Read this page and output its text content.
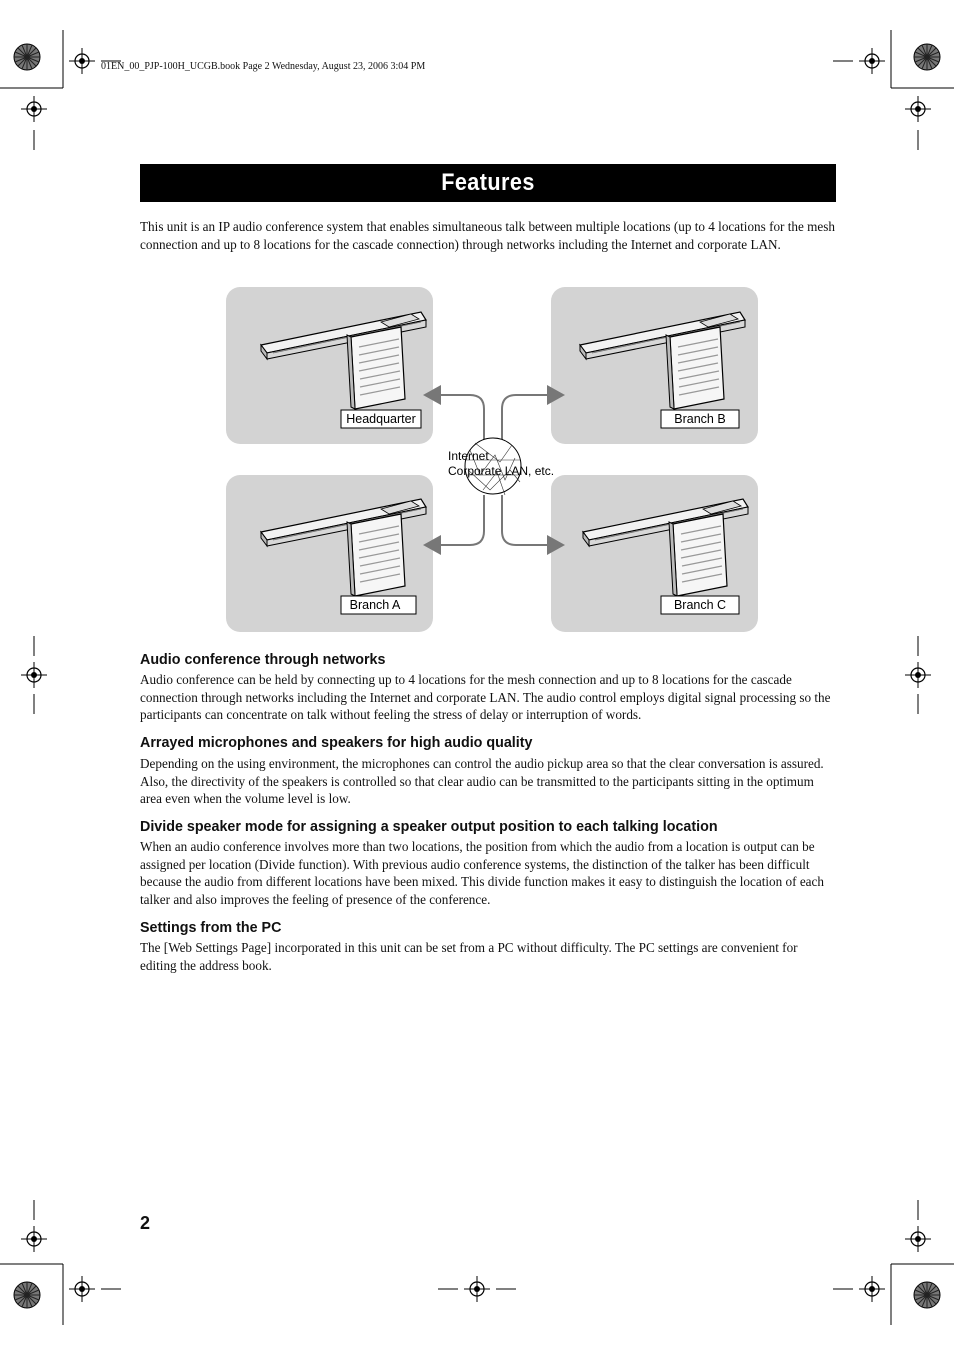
01EN_00_PJP-100H_UCGB.book Page 2 Wednesday, August 23, 2006 3:04 PM
Features
This unit is an IP audio conference system that enables simultaneous talk between multiple locations (up to 4 locations for the mesh connection and up to 8 locations for the cascade connection) through networks including the Internet and corporate LAN.
Headquarter	Branch B
Branch A	Branch C
Internet
Corporate LAN, etc.
Audio conference through networks
Audio conference can be held by connecting up to 4 locations for the mesh connection and up to 8 locations for the cascade connection through networks including the Internet and corporate LAN. The audio control employs digital signal processing so the participants can concentrate on talk without feeling the stress of delay or interruption of words.
Arrayed microphones and speakers for high audio quality
Depending on the using environment, the microphones can control the audio pickup area so that the clear conversation is assured. Also, the directivity of the speakers is controlled so that clear audio can be transmitted to the participants sitting in the optimum area even when the volume level is low.
Divide speaker mode for assigning a speaker output position to each talking location
When an audio conference involves more than two locations, the position from which the audio from a location is output can be assigned per location (Divide function). With previous audio conference systems, the distinction of the talker has been difficult because the audio from different locations have been mixed. This divide function makes it easy to distinguish the location of each talker and also improves the feeling of presence of the conference.
Settings from the PC
The [Web Settings Page] incorporated in this unit can be set from a PC without difficulty. The PC settings are convenient for editing the address book.
2
